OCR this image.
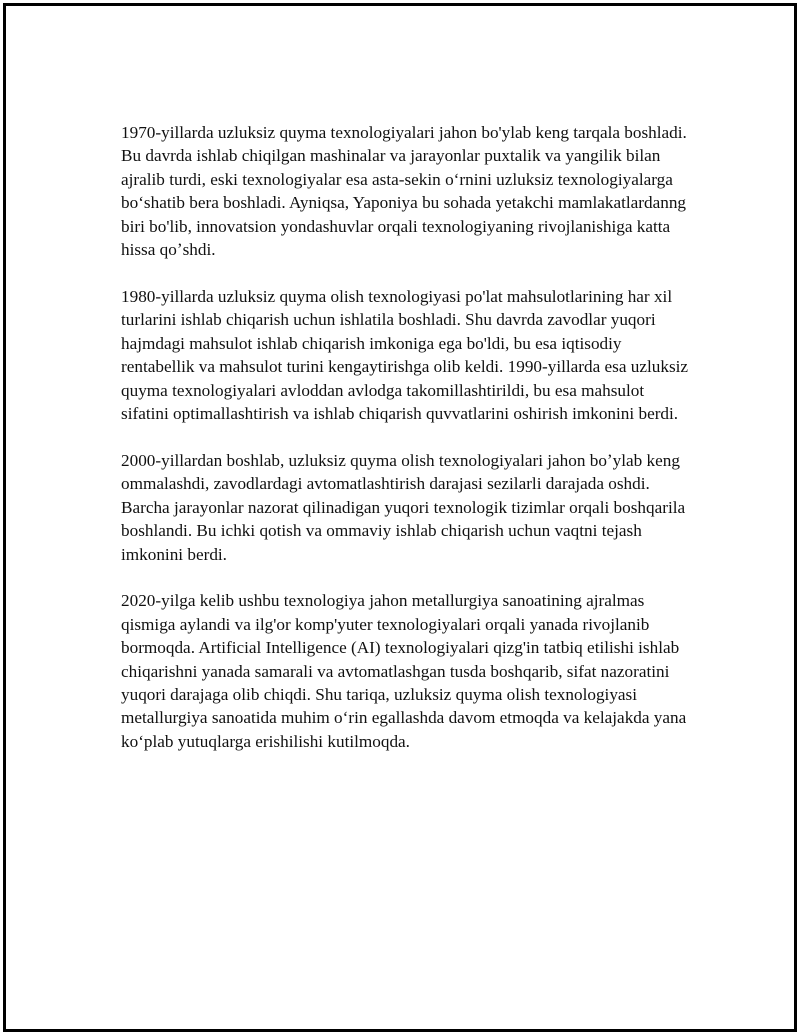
1970-yillarda uzluksiz quyma texnologiyalari jahon bo'ylab keng tarqala boshladi. Bu davrda ishlab chiqilgan mashinalar va jarayonlar puxtalik va yangilik bilan ajralib turdi, eski texnologiyalar esa asta-sekin oʻrnini uzluksiz texnologiyalarga boʻshatib bera boshladi. Ayniqsa, Yaponiya bu sohada yetakchi mamlakatlardanng biri bo'lib, innovatsion yondashuvlar orqali texnologiyaning rivojlanishiga katta hissa qoʼshdi.

1980-yillarda uzluksiz quyma olish texnologiyasi po'lat mahsulotlarining har xil turlarini ishlab chiqarish uchun ishlatila boshladi. Shu davrda zavodlar yuqori hajmdagi mahsulot ishlab chiqarish imkoniga ega bo'ldi, bu esa iqtisodiy rentabellik va mahsulot turini kengaytirishga olib keldi. 1990-yillarda esa uzluksiz quyma texnologiyalari avloddan avlodga takomillashtirildi, bu esa mahsulot sifatini optimallashtirish va ishlab chiqarish quvvatlarini oshirish imkonini berdi.

2000-yillardan boshlab, uzluksiz quyma olish texnologiyalari jahon boʼylab keng ommalashdi, zavodlardagi avtomatlashtirish darajasi sezilarli darajada oshdi. Barcha jarayonlar nazorat qilinadigan yuqori texnologik tizimlar orqali boshqarila boshlandi. Bu ichki qotish va ommaviy ishlab chiqarish uchun vaqtni tejash imkonini berdi.

2020-yilga kelib ushbu texnologiya jahon metallurgiya sanoatining ajralmas qismiga aylandi va ilg'or komp'yuter texnologiyalari orqali yanada rivojlanib bormoqda. Artificial Intelligence (AI) texnologiyalari qizg'in tatbiq etilishi ishlab chiqarishni yanada samarali va avtomatlashgan tusda boshqarib, sifat nazoratini yuqori darajaga olib chiqdi. Shu tariqa, uzluksiz quyma olish texnologiyasi metallurgiya sanoatida muhim oʻrin egallashda davom etmoqda va kelajakda yana koʻplab yutuqlarga erishilishi kutilmoqda.
